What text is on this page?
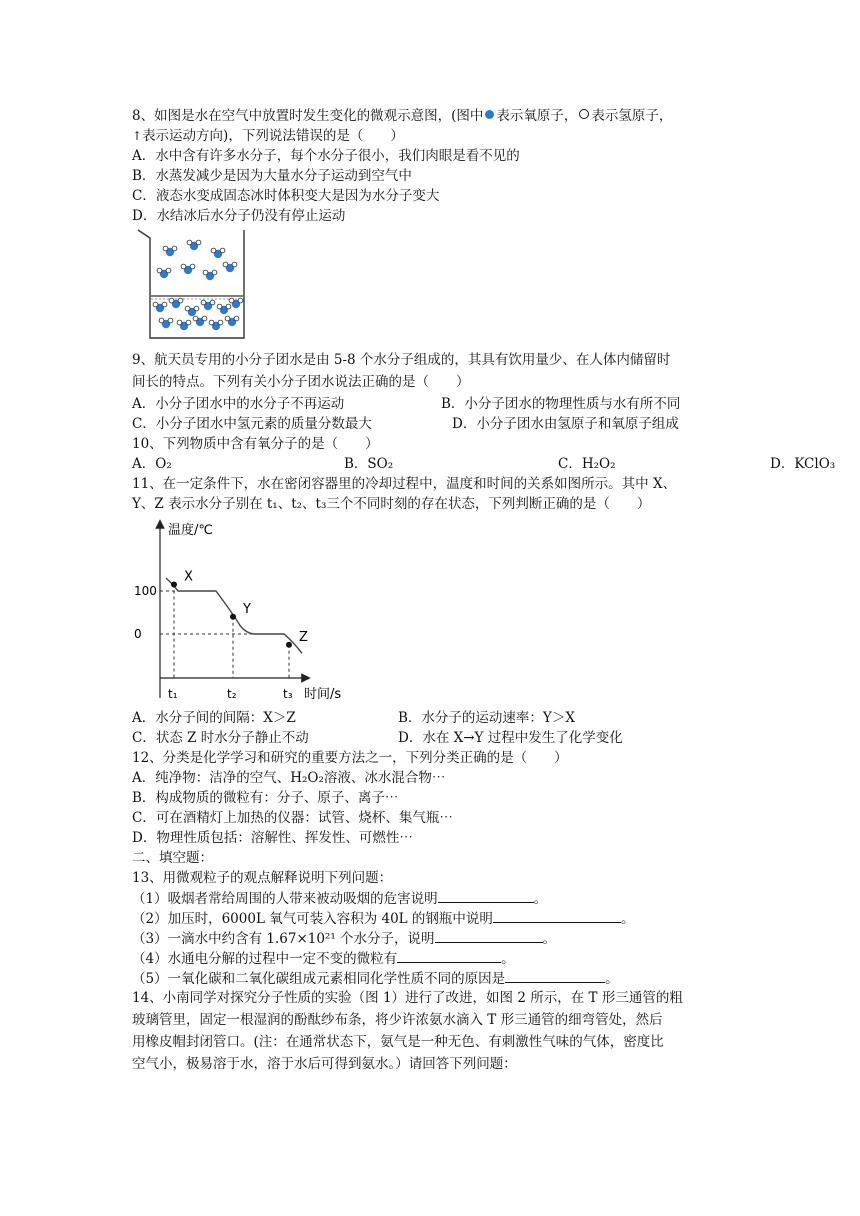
8、如图是水在空气中放置时发生变化的微观示意图，(图中 表示氧原子， 表示氢原子，
↑表示运动方向)，下列说法错误的是（　　）
A．水中含有许多水分子，每个水分子很小，我们肉眼是看不见的
B．水蒸发减少是因为大量水分子运动到空气中
C．液态水变成固态冰时体积变大是因为水分子变大
D．水结冰后水分子仍没有停止运动
9、航天员专用的小分子团水是由 5-8 个水分子组成的，其具有饮用量少、在人体内储留时
间长的特点。下列有关小分子团水说法正确的是（　　）
A．小分子团水中的水分子不再运动	B．小分子团水的物理性质与水有所不同
C．小分子团水中氢元素的质量分数最大	D．小分子团水由氢原子和氧原子组成
10、下列物质中含有氧分子的是（　　）
A．O₂	B．SO₂	C．H₂O₂	D．KClO₃
11、在一定条件下，水在密闭容器里的冷却过程中，温度和时间的关系如图所示。其中 X、
Y、Z 表示水分子别在 t₁、t₂、t₃三个不同时刻的存在状态，下列判断正确的是（　　）
温度/℃
时间/s
100
0
t₁	t₂	t₃
X
Y
Z
A．水分子间的间隔：X＞Z	B．水分子的运动速率：Y＞X
C．状态 Z 时水分子静止不动	D．水在 X→Y 过程中发生了化学变化
12、分类是化学学习和研究的重要方法之一，下列分类正确的是（　　）
A．纯净物：洁净的空气、H₂O₂溶液、冰水混合物⋯
B．构成物质的微粒有：分子、原子、离子⋯
C．可在酒精灯上加热的仪器：试管、烧杯、集气瓶⋯
D．物理性质包括：溶解性、挥发性、可燃性⋯
二、填空题：
13、用微观粒子的观点解释说明下列问题：
（1）吸烟者常给周围的人带来被动吸烟的危害说明	。
（2）加压时，6000L 氧气可装入容积为 40L 的钢瓶中说明	。
（3）一滴水中约含有 1.67×10²¹ 个水分子，说明	。
（4）水通电分解的过程中一定不变的微粒有	。
（5）一氧化碳和二氧化碳组成元素相同化学性质不同的原因是	。
14、小南同学对探究分子性质的实验（图 1）进行了改进，如图 2 所示，在 T 形三通管的粗
玻璃管里，固定一根湿润的酚酞纱布条，将少许浓氨水滴入 T 形三通管的细弯管处，然后
用橡皮帽封闭管口。(注：在通常状态下，氨气是一种无色、有刺激性气味的气体，密度比
空气小，极易溶于水，溶于水后可得到氨水。）请回答下列问题：
